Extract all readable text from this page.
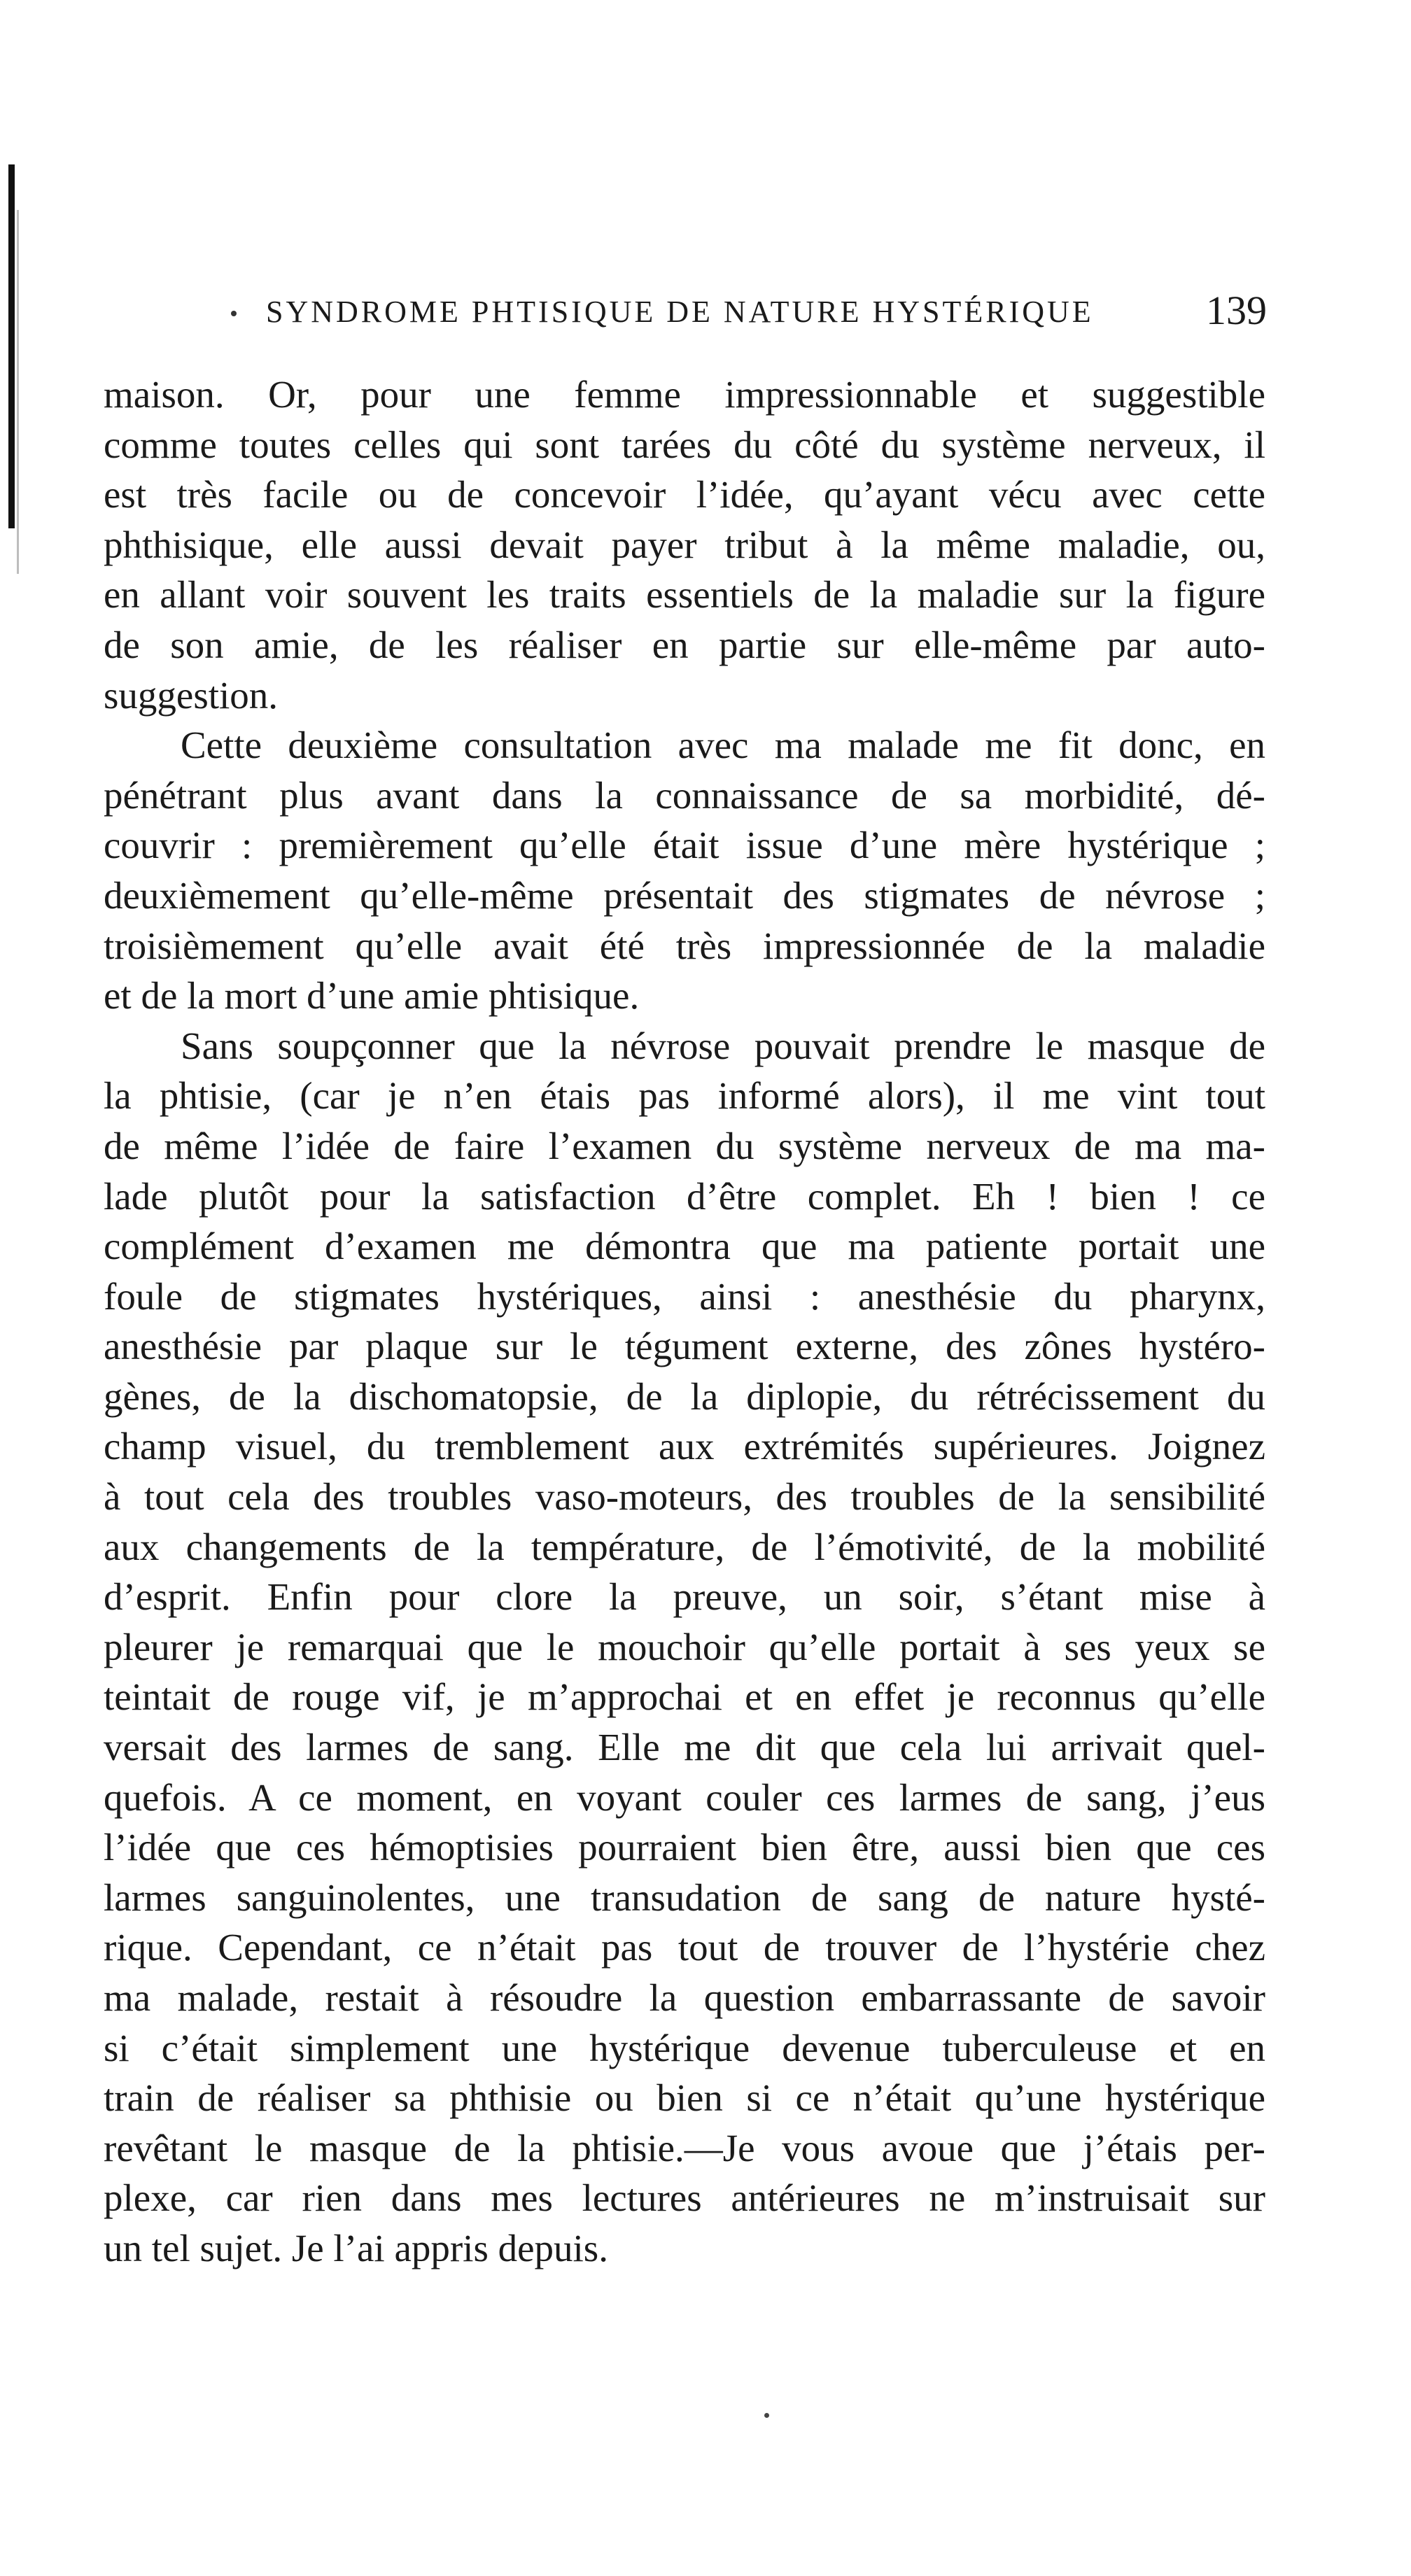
SYNDROME PHTISIQUE DE NATURE HYSTÉRIQUE	139
maison. Or, pour une femme impressionnable et suggestible
comme toutes celles qui sont tarées du côté du système nerveux, il
est très facile ou de concevoir l’idée, qu’ayant vécu avec cette
phthisique, elle aussi devait payer tribut à la même maladie, ou,
en allant voir souvent les traits essentiels de la maladie sur la figure
de son amie, de les réaliser en partie sur elle-même par auto-
suggestion.
Cette deuxième consultation avec ma malade me fit donc, en
pénétrant plus avant dans la connaissance de sa morbidité, dé-
couvrir : premièrement qu’elle était issue d’une mère hystérique ;
deuxièmement qu’elle-même présentait des stigmates de névrose ;
troisièmement qu’elle avait été très impressionnée de la maladie
et de la mort d’une amie phtisique.
Sans soupçonner que la névrose pouvait prendre le masque de
la phtisie, (car je n’en étais pas informé alors), il me vint tout
de même l’idée de faire l’examen du système nerveux de ma ma-
lade plutôt pour la satisfaction d’être complet. Eh ! bien ! ce
complément d’examen me démontra que ma patiente portait une
foule de stigmates hystériques, ainsi : anesthésie du pharynx,
anesthésie par plaque sur le tégument externe, des zônes hystéro-
gènes, de la dischomatopsie, de la diplopie, du rétrécissement du
champ visuel, du tremblement aux extrémités supérieures. Joignez
à tout cela des troubles vaso-moteurs, des troubles de la sensibilité
aux changements de la température, de l’émotivité, de la mobilité
d’esprit. Enfin pour clore la preuve, un soir, s’étant mise à
pleurer je remarquai que le mouchoir qu’elle portait à ses yeux se
teintait de rouge vif, je m’approchai et en effet je reconnus qu’elle
versait des larmes de sang. Elle me dit que cela lui arrivait quel-
quefois. A ce moment, en voyant couler ces larmes de sang, j’eus
l’idée que ces hémoptisies pourraient bien être, aussi bien que ces
larmes sanguinolentes, une transudation de sang de nature hysté-
rique. Cependant, ce n’était pas tout de trouver de l’hystérie chez
ma malade, restait à résoudre la question embarrassante de savoir
si c’était simplement une hystérique devenue tuberculeuse et en
train de réaliser sa phthisie ou bien si ce n’était qu’une hystérique
revêtant le masque de la phtisie.—Je vous avoue que j’étais per-
plexe, car rien dans mes lectures antérieures ne m’instruisait sur
un tel sujet. Je l’ai appris depuis.
